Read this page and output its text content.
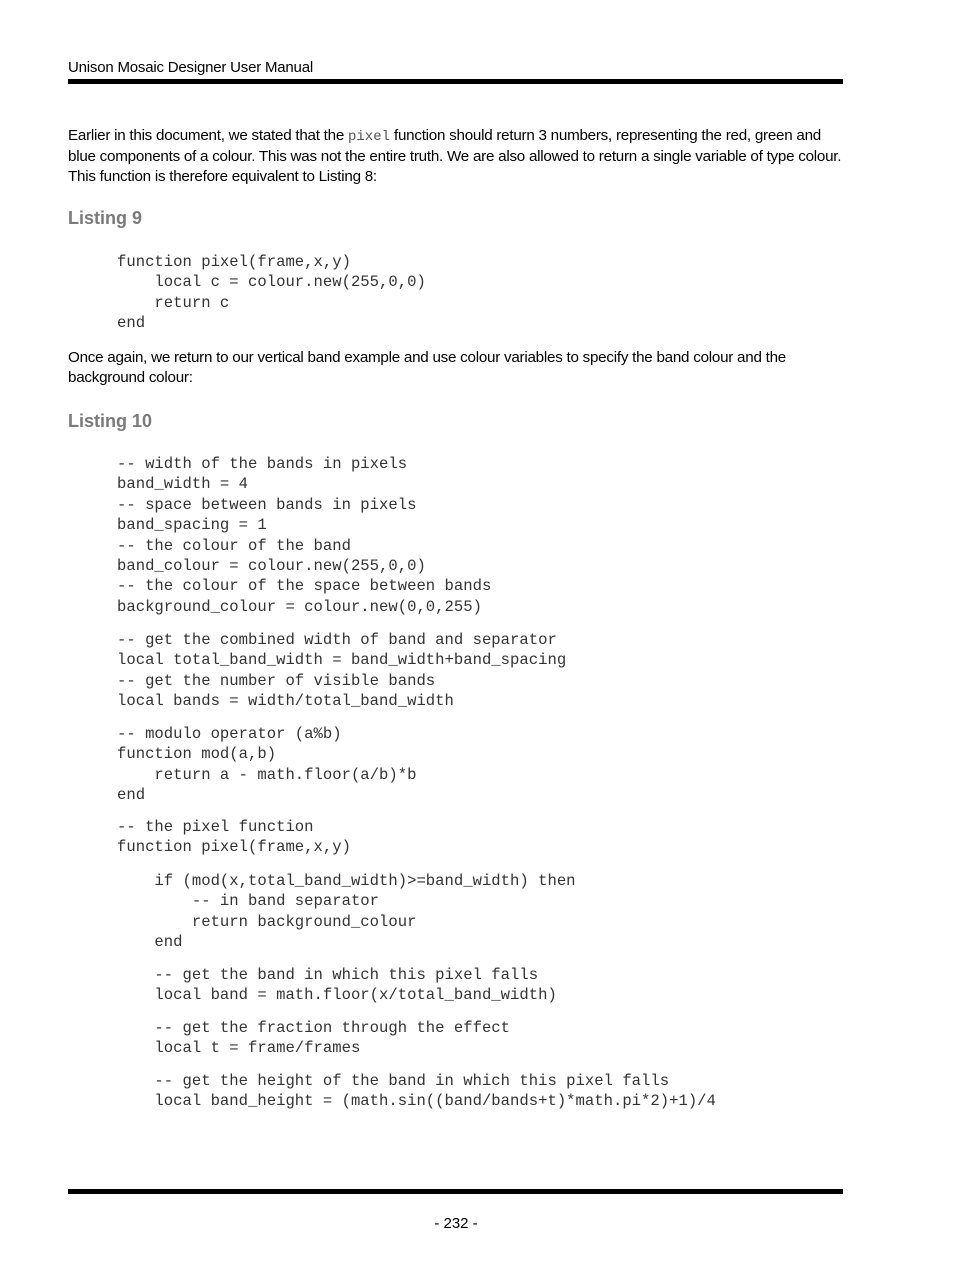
Unison Mosaic Designer User Manual

Earlier in this document, we stated that the pixel function should return 3 numbers, representing the red, green and blue components of a colour. This was not the entire truth. We are also allowed to return a single variable of type colour. This function is therefore equivalent to Listing 8:

Listing 9
function pixel(frame,x,y)
local c = colour.new(255,0,0)
return c
end

Once again, we return to our vertical band example and use colour variables to specify the band colour and the background colour:

Listing 10
-- width of the bands in pixels
band_width = 4
-- space between bands in pixels
band_spacing = 1
-- the colour of the band
band_colour = colour.new(255,0,0)
-- the colour of the space between bands
background_colour = colour.new(0,0,255)
-- get the combined width of band and separator
local total_band_width = band_width+band_spacing
-- get the number of visible bands
local bands = width/total_band_width
-- modulo operator (a%b)
function mod(a,b)
return a - math.floor(a/b)*b
end
-- the pixel function
function pixel(frame,x,y)
if (mod(x,total_band_width)>=band_width) then
-- in band separator
return background_colour
end
-- get the band in which this pixel falls
local band = math.floor(x/total_band_width)
-- get the fraction through the effect
local t = frame/frames
-- get the height of the band in which this pixel falls
local band_height = (math.sin((band/bands+t)*math.pi*2)+1)/4
- 232 -
